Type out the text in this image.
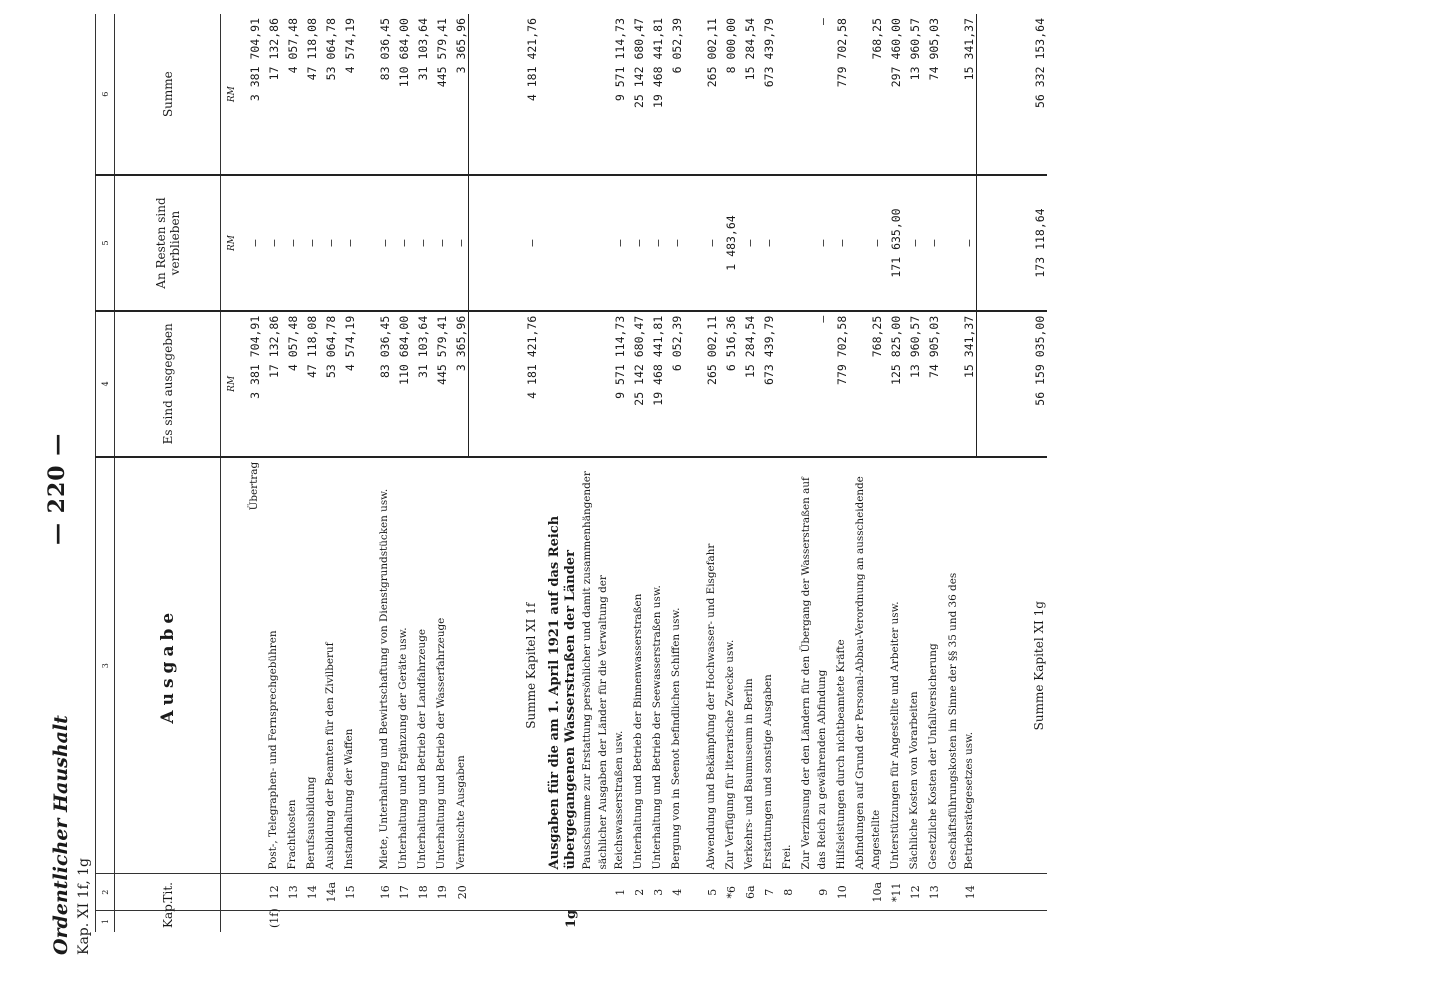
Ordentlicher Haushalt Kap. XI 1f, 1g
— 220 —
1	2	3	4	5	6
Kap.	Tit.	Ausgabe	Es sind ausgegeben	An Resten sind verblieben	Summe
			RM	RM	RM
		Übertrag	3 381 704,91	—	3 381 704,91
(1f)	12	Post-, Telegraphen- und Fernsprechgebühren	17 132,86	—	17 132,86
	13	Frachtkosten	4 057,48	—	4 057,48
	14	Berufsausbildung	47 118,08	—	47 118,08
	14a	Ausbildung der Beamten für den Zivilberuf	53 064,78	—	53 064,78
	15	Instandhaltung der Waffen	4 574,19	—	4 574,19
	16	Miete, Unterhaltung und Bewirtschaftung von Dienstgrundstücken usw.	83 036,45	—	83 036,45
	17	Unterhaltung und Ergänzung der Geräte usw.	110 684,00	—	110 684,00
	18	Unterhaltung und Betrieb der Landfahrzeuge	31 103,64	—	31 103,64
	19	Unterhaltung und Betrieb der Wasserfahrzeuge	445 579,41	—	445 579,41
	20	Vermischte Ausgaben	3 365,96	—	3 365,96
		Summe Kapitel XI 1f	4 181 421,76	—	4 181 421,76
1g		Ausgaben für die am 1. April 1921 auf das Reich übergegangenen Wasserstraßen der Länder			
	1	Pauschsumme zur Erstattung persönlicher und damit zusammenhängender sächlicher Ausgaben der Länder für die Verwaltung der Reichswasserstraßen usw.	9 571 114,73	—	9 571 114,73
	2	Unterhaltung und Betrieb der Binnenwasserstraßen	25 142 680,47	—	25 142 680,47
	3	Unterhaltung und Betrieb der Seewasserstraßen usw.	19 468 441,81	—	19 468 441,81
	4	Bergung von in Seenot befindlichen Schiffen usw.	6 052,39	—	6 052,39
	5	Abwendung und Bekämpfung der Hochwasser- und Eisgefahr	265 002,11	—	265 002,11
	*6	Zur Verfügung für literarische Zwecke usw.	6 516,36	1 483,64	8 000,00
	6a	Verkehrs- und Baumuseum in Berlin	15 284,54	—	15 284,54
	7	Erstattungen und sonstige Ausgaben	673 439,79	—	673 439,79
	8	Frei.			
	9	Zur Verzinsung der den Ländern für den Übergang der Wasserstraßen auf das Reich zu gewährenden Abfindung	—	—	—
	10	Hilfsleistungen durch nichtbeamtete Kräfte	779 702,58	—	779 702,58
	10a	Abfindungen auf Grund der Personal-Abbau-Verordnung an ausscheidende Angestellte	768,25	—	768,25
	*11	Unterstützungen für Angestellte und Arbeiter usw.	125 825,00	171 635,00	297 460,00
	12	Sächliche Kosten von Vorarbeiten	13 960,57	—	13 960,57
	13	Gesetzliche Kosten der Unfallversicherung	74 905,03	—	74 905,03
	14	Geschäftsführungskosten im Sinne der §§ 35 und 36 des Betriebsrätegesetzes usw.	15 341,37	—	15 341,37
		Summe Kapitel XI 1g	56 159 035,00	173 118,64	56 332 153,64
